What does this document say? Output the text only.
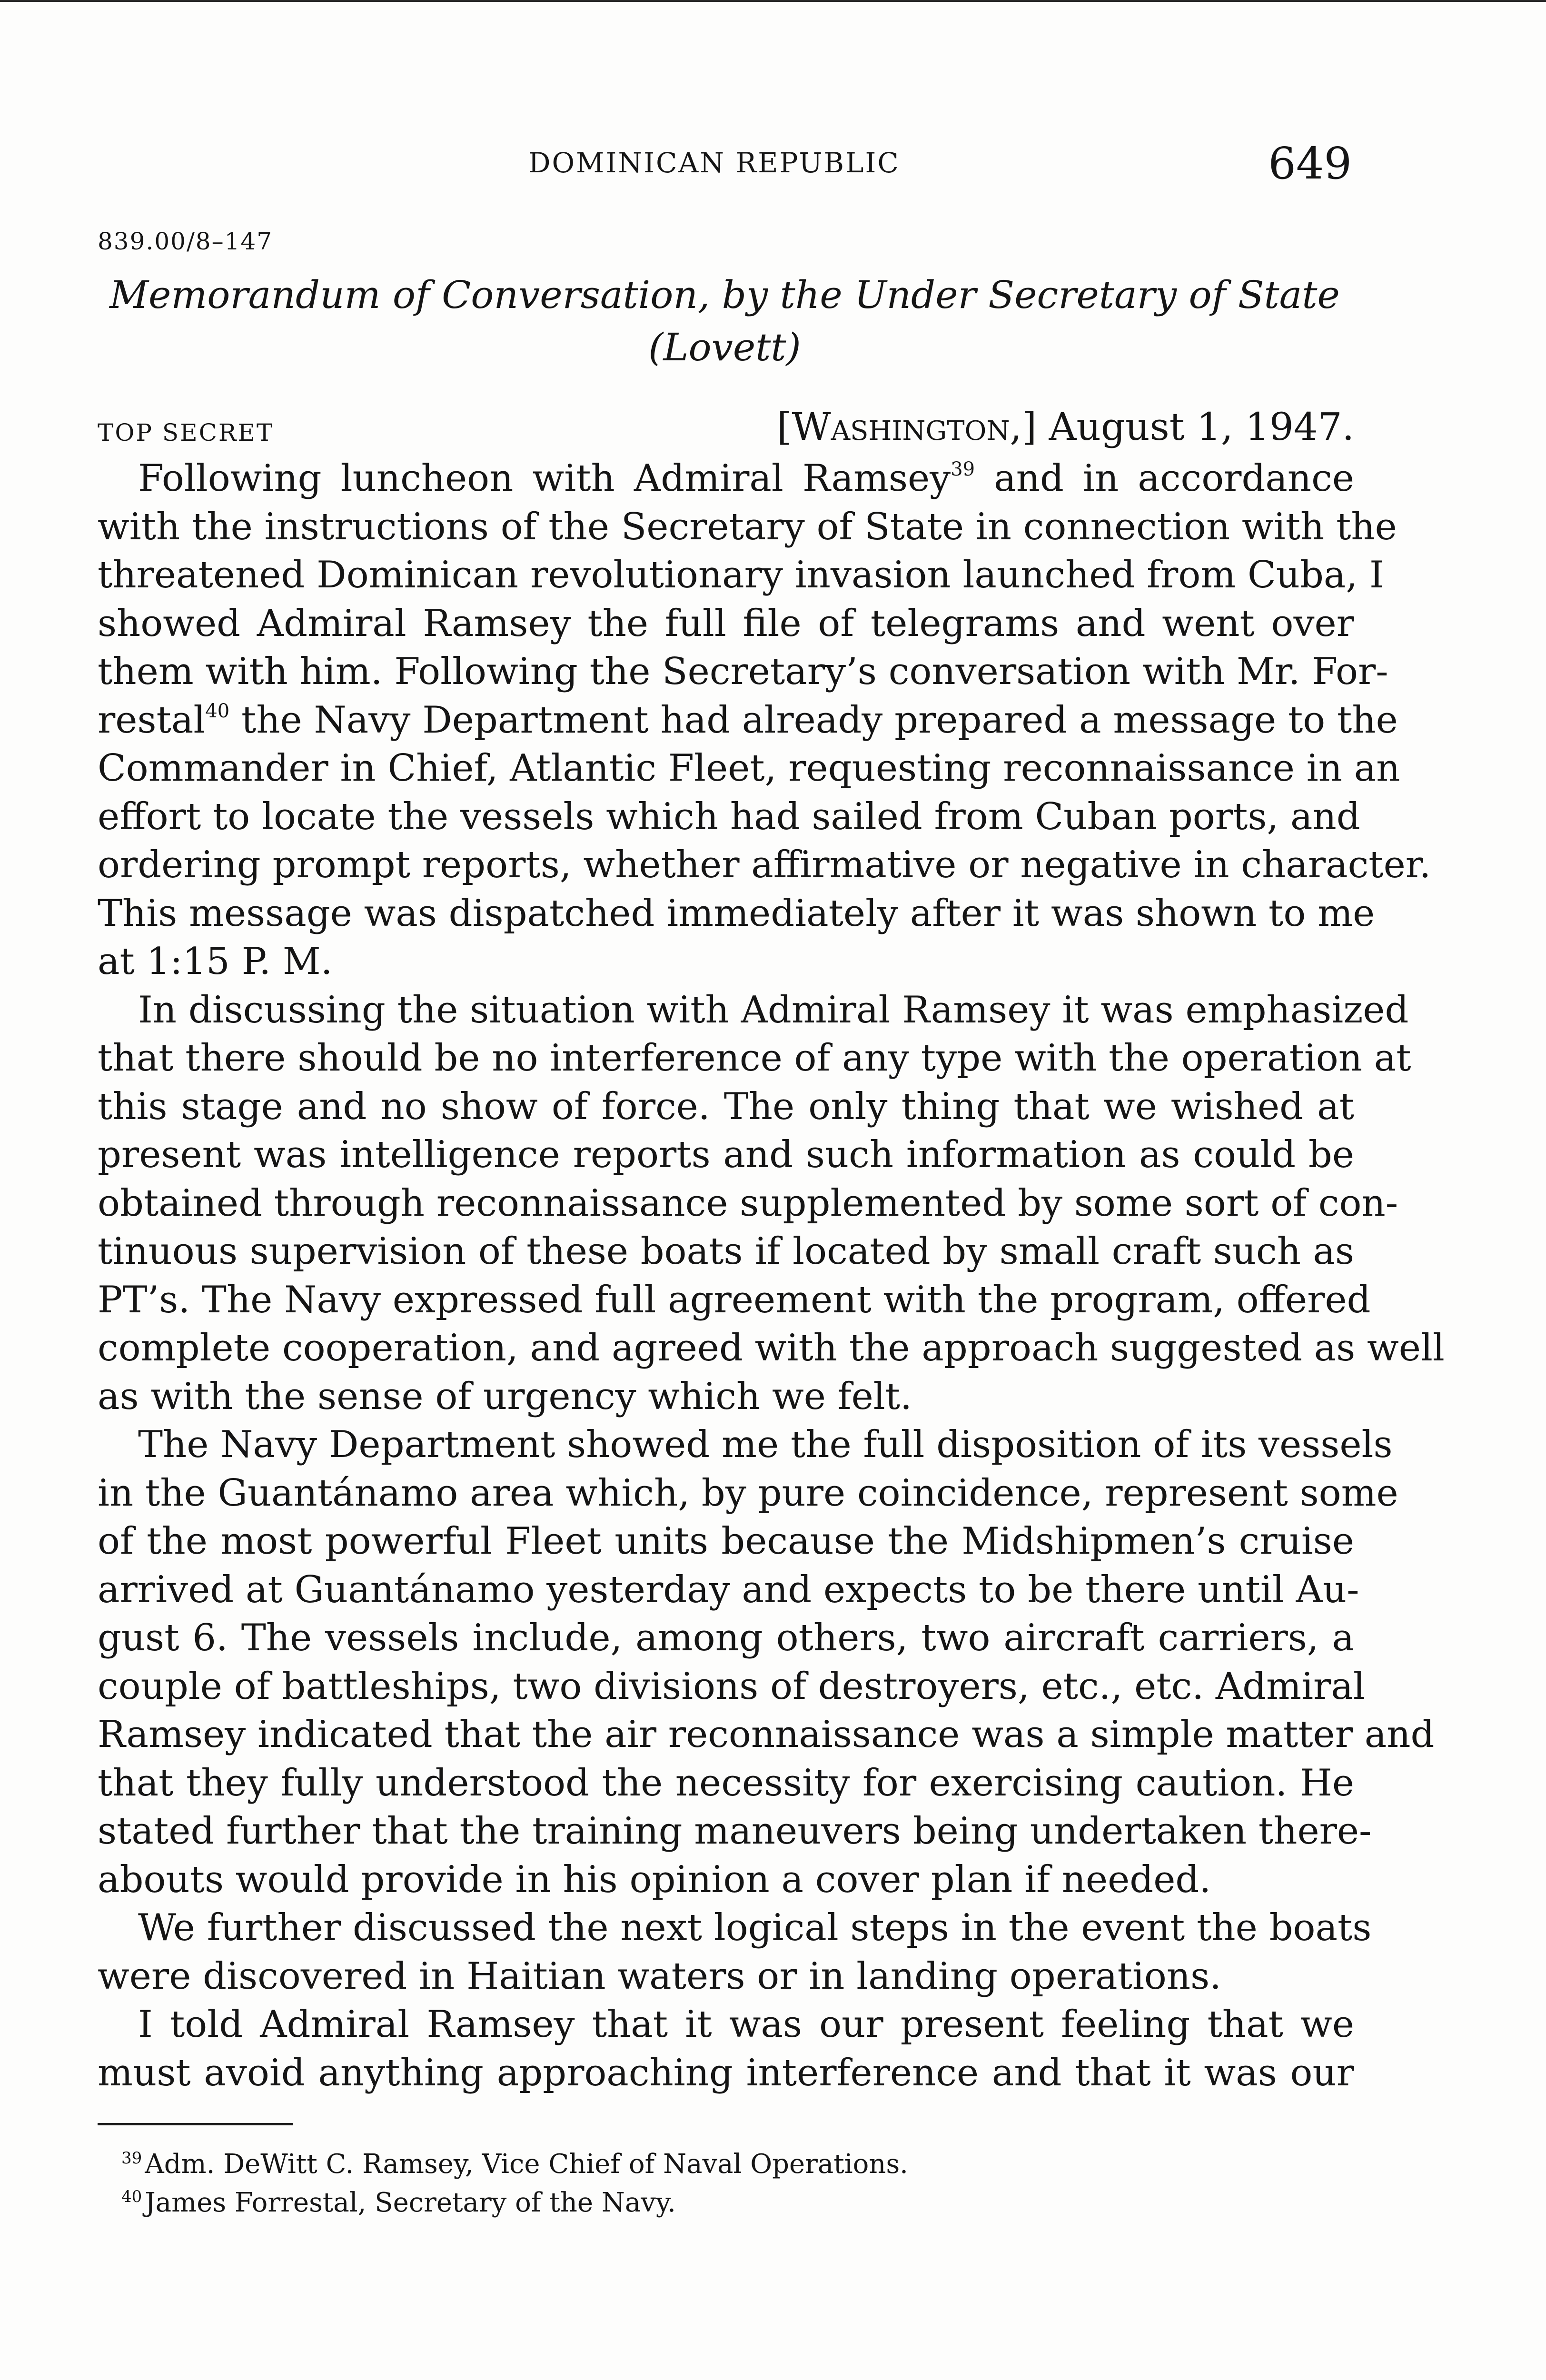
DOMINICAN REPUBLIC	649
839.00/8–147
Memorandum of Conversation, by the Under Secretary of State
(Lovett)
TOP SECRET	[Washington,] August 1, 1947.
Following luncheon with Admiral Ramsey$^{39}$ and in accordance
with the instructions of the Secretary of State in connection with the
threatened Dominican revolutionary invasion launched from Cuba, I
showed Admiral Ramsey the full file of telegrams and went over
them with him. Following the Secretary’s conversation with Mr. For-
restal$^{40}$ the Navy Department had already prepared a message to the
Commander in Chief, Atlantic Fleet, requesting reconnaissance in an
effort to locate the vessels which had sailed from Cuban ports, and
ordering prompt reports, whether affirmative or negative in character.
This message was dispatched immediately after it was shown to me
at 1:15 P. M.
In discussing the situation with Admiral Ramsey it was emphasized
that there should be no interference of any type with the operation at
this stage and no show of force. The only thing that we wished at
present was intelligence reports and such information as could be
obtained through reconnaissance supplemented by some sort of con-
tinuous supervision of these boats if located by small craft such as
PT’s. The Navy expressed full agreement with the program, offered
complete cooperation, and agreed with the approach suggested as well
as with the sense of urgency which we felt.
The Navy Department showed me the full disposition of its vessels
in the Guantánamo area which, by pure coincidence, represent some
of the most powerful Fleet units because the Midshipmen’s cruise
arrived at Guantánamo yesterday and expects to be there until Au-
gust 6. The vessels include, among others, two aircraft carriers, a
couple of battleships, two divisions of destroyers, etc., etc. Admiral
Ramsey indicated that the air reconnaissance was a simple matter and
that they fully understood the necessity for exercising caution. He
stated further that the training maneuvers being undertaken there-
abouts would provide in his opinion a cover plan if needed.
We further discussed the next logical steps in the event the boats
were discovered in Haitian waters or in landing operations.
I told Admiral Ramsey that it was our present feeling that we
must avoid anything approaching interference and that it was our
$^{39}$ Adm. DeWitt C. Ramsey, Vice Chief of Naval Operations.
$^{40}$ James Forrestal, Secretary of the Navy.
